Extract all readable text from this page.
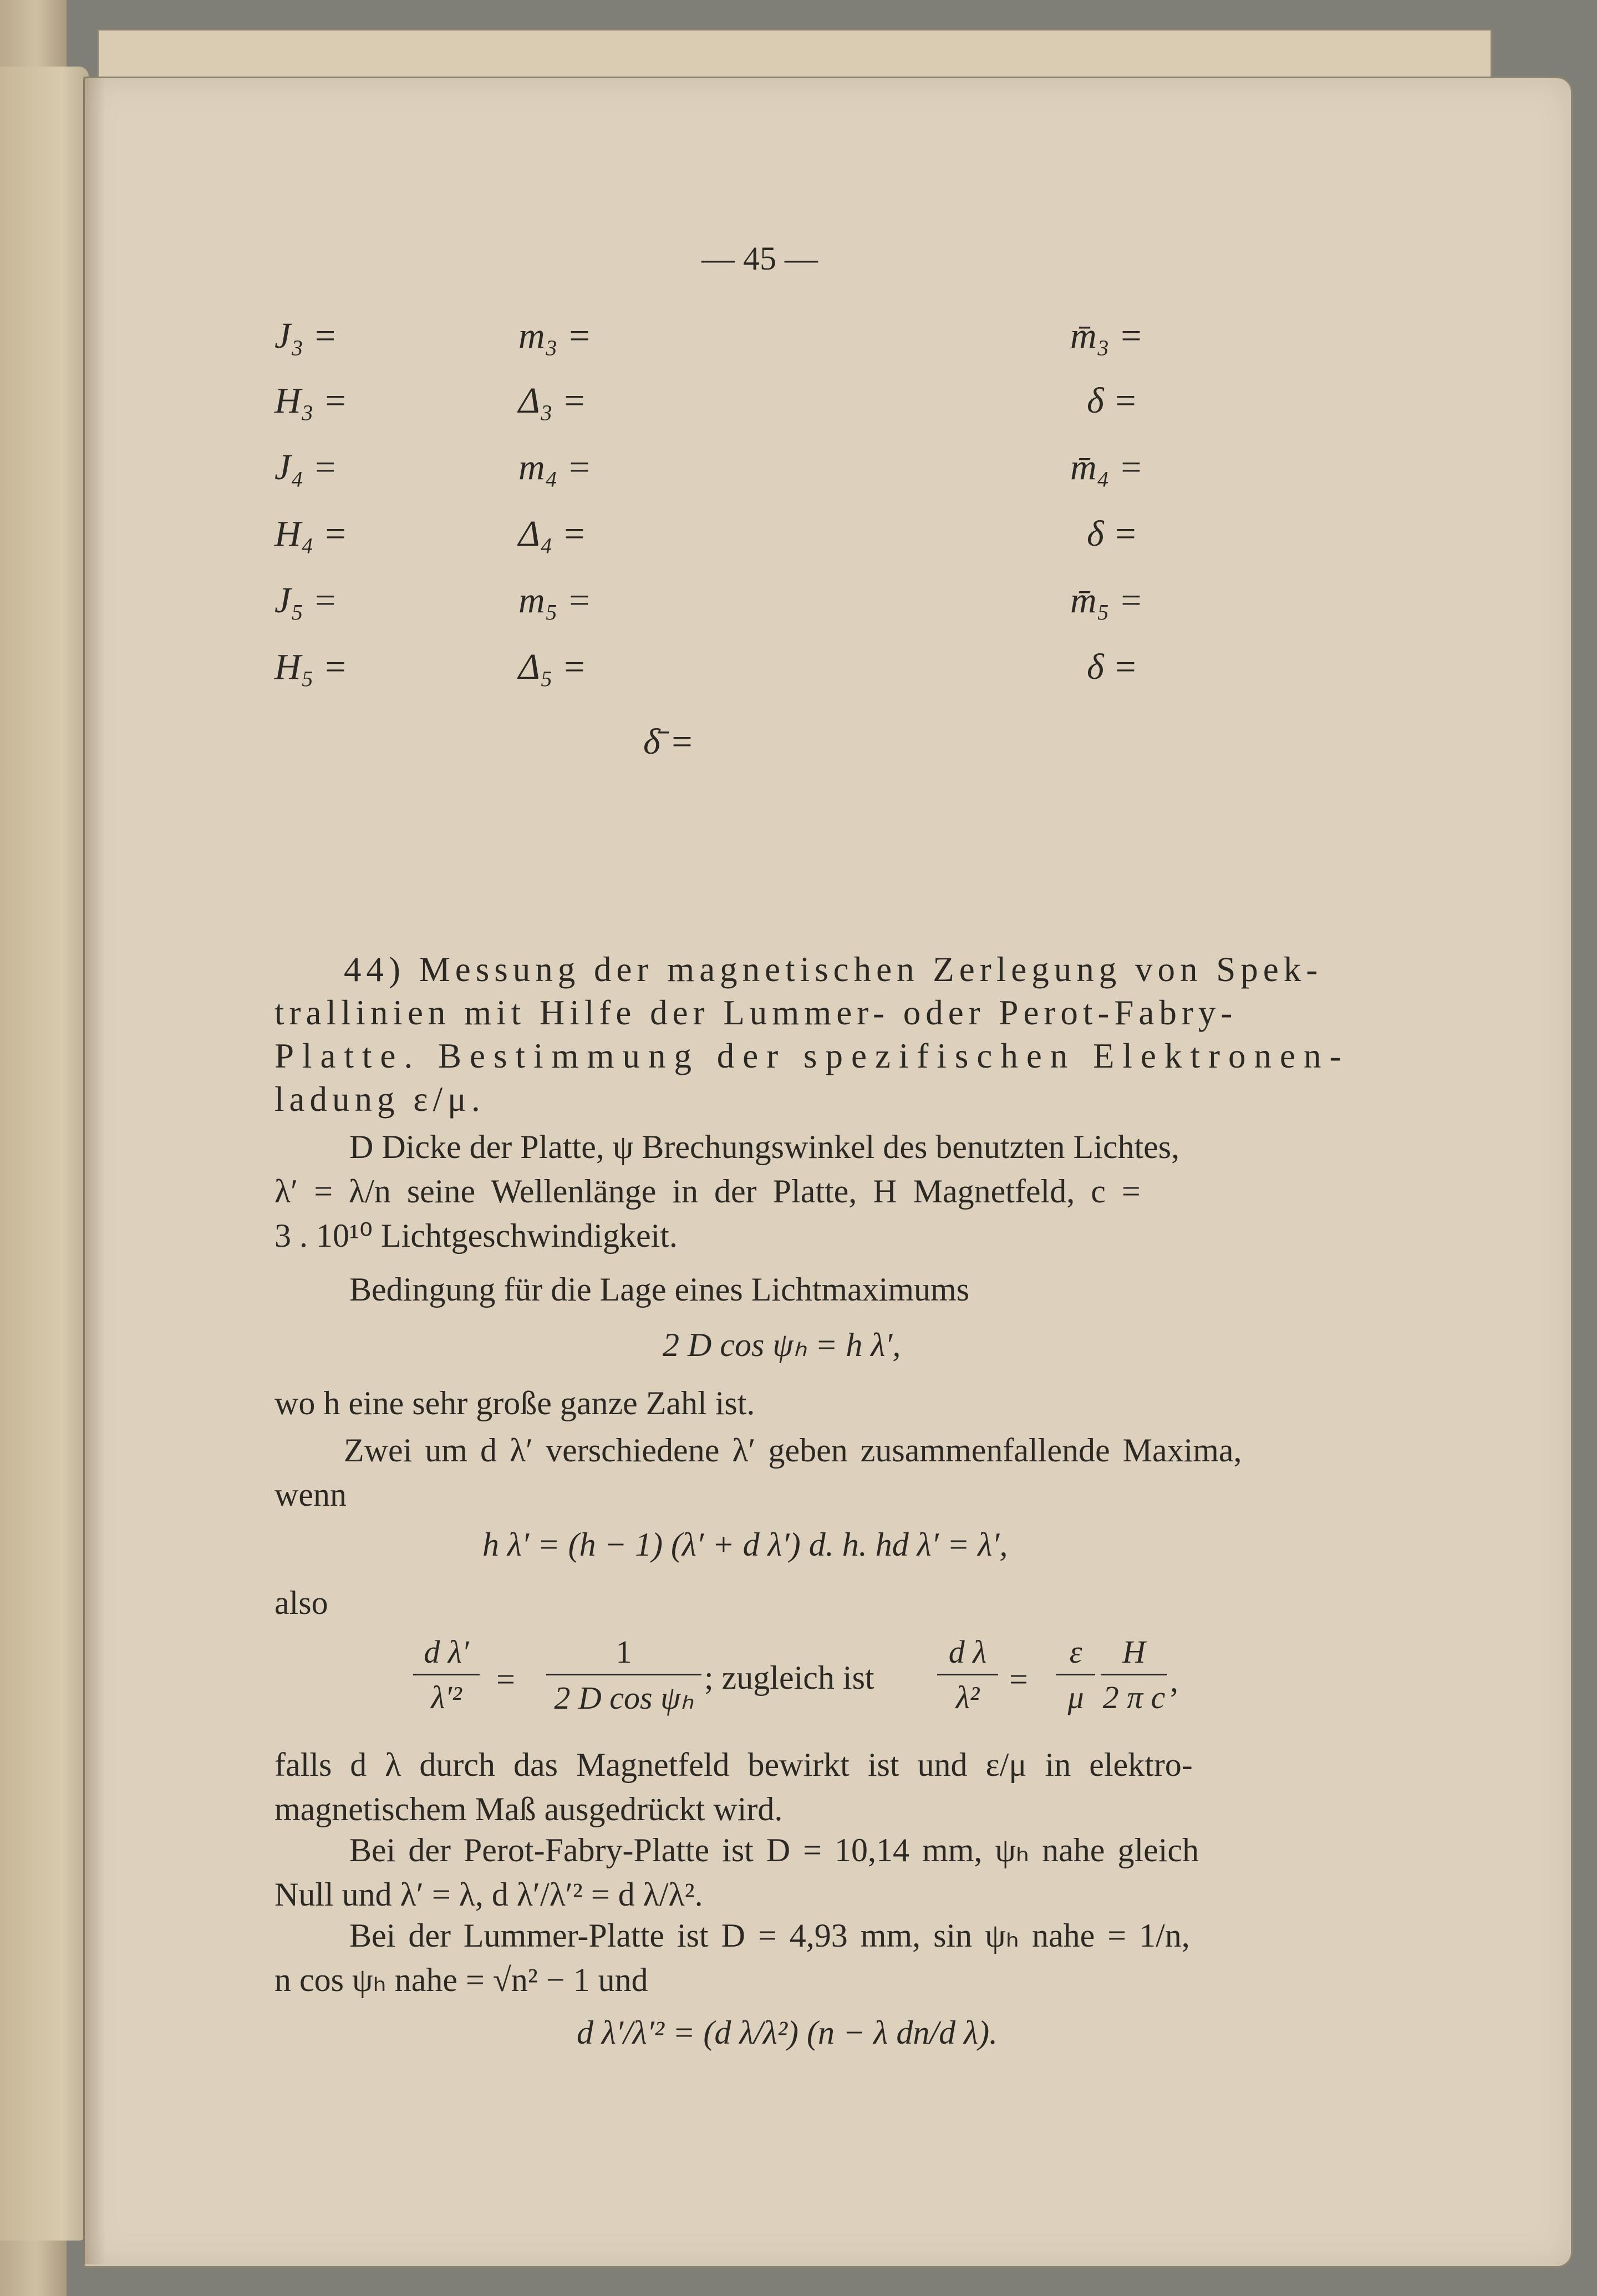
— 45 —
J₃ =
H₃ =
J₄ =
H₄ =
J₅ =
H₅ =
m₃ =
Δ₃ =
m₄ =
Δ₄ =
m₅ =
Δ₅ =
m̄₃ =
δ =
m̄₄ =
δ =
m̄₅ =
δ =
δ̄ =
44) Messung der magnetischen Zerlegung von Spek-
trallinien mit Hilfe der Lummer- oder Perot-Fabry-
Platte. Bestimmung der spezifischen Elektronen-
ladung ε/μ.
D Dicke der Platte, ψ Brechungswinkel des benutzten Lichtes,
λ′ = λ/n seine Wellenlänge in der Platte, H Magnetfeld, c =
3 . 10¹⁰ Lichtgeschwindigkeit.
Bedingung für die Lage eines Lichtmaximums
2 D cos ψₕ = h λ′,
wo h eine sehr große ganze Zahl ist.
Zwei um d λ′ verschiedene λ′ geben zusammenfallende Maxima,
wenn
h λ′ = (h − 1) (λ′ + d λ′) d. h. hd λ′ = λ′,
also
d λ′
λ′²	=
1
2 D cos ψₕ
; zugleich ist
d λ
λ² =
ε
μ
H
2 π c ,
falls d λ durch das Magnetfeld bewirkt ist und ε/μ in elektro-
magnetischem Maß ausgedrückt wird.
Bei der Perot-Fabry-Platte ist D = 10,14 mm, ψₕ nahe gleich
Null und λ′ = λ, d λ′/λ′² = d λ/λ².
Bei der Lummer-Platte ist D = 4,93 mm, sin ψₕ nahe = 1/n,
n cos ψₕ nahe = √n² − 1 und
d λ′/λ′² = (d λ/λ²) (n − λ dn/d λ).
